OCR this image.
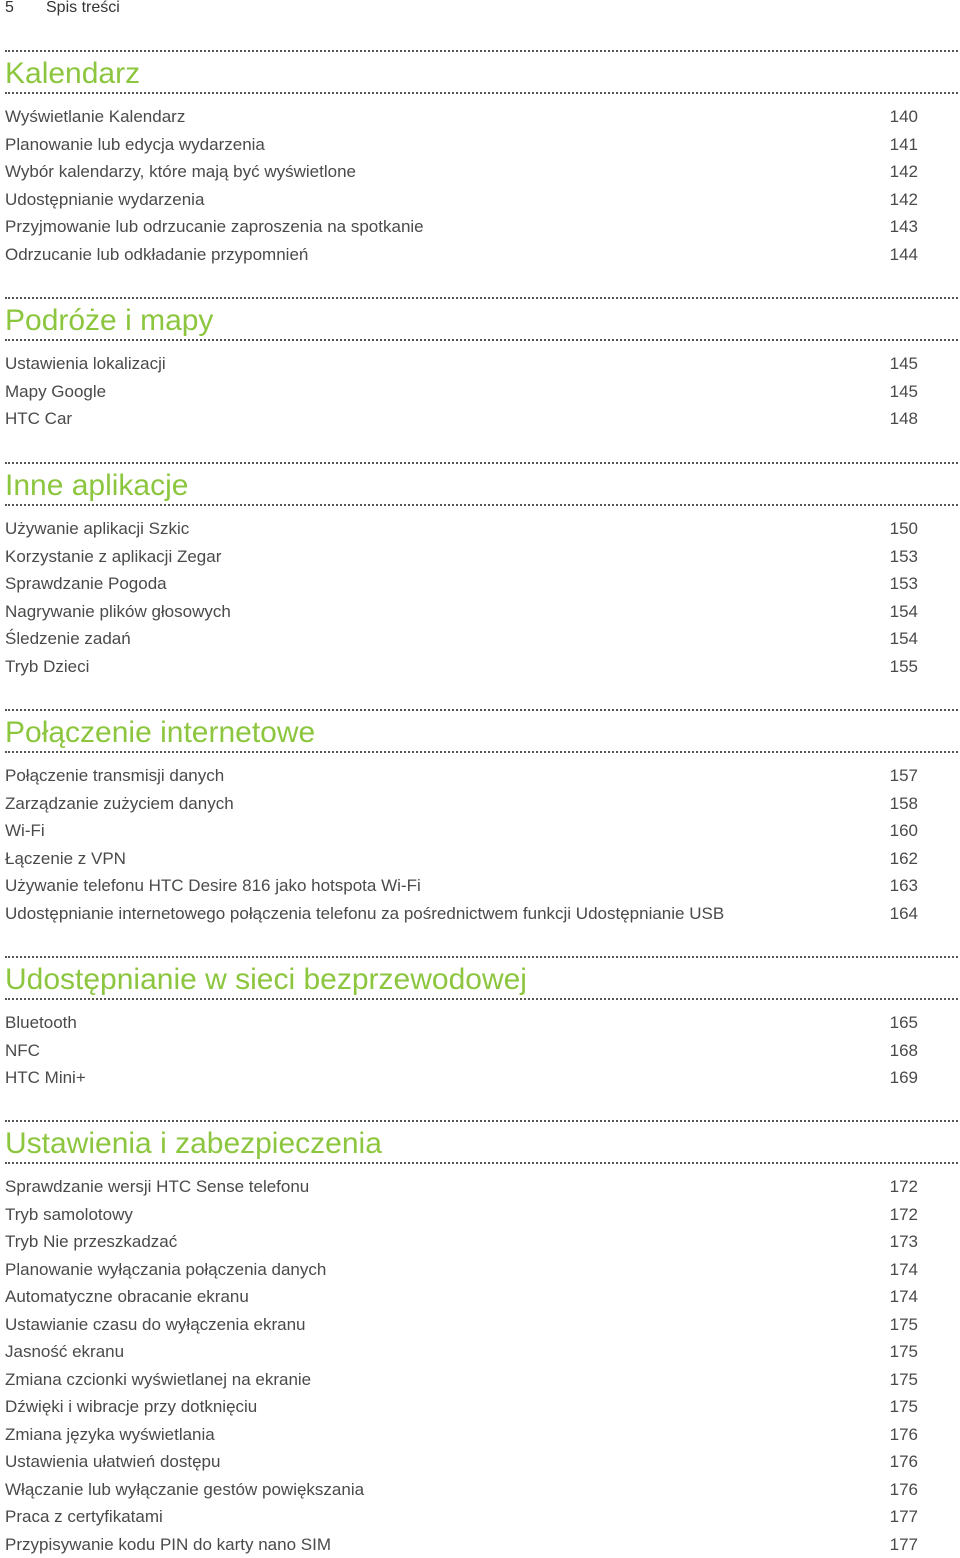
5 Spis treści
Kalendarz
Wyświetlanie Kalendarz	140
Planowanie lub edycja wydarzenia	141
Wybór kalendarzy, które mają być wyświetlone	142
Udostępnianie wydarzenia	142
Przyjmowanie lub odrzucanie zaproszenia na spotkanie	143
Odrzucanie lub odkładanie przypomnień	144
Podróże i mapy
Ustawienia lokalizacji	145
Mapy Google	145
HTC Car	148
Inne aplikacje
Używanie aplikacji Szkic	150
Korzystanie z aplikacji Zegar	153
Sprawdzanie Pogoda	153
Nagrywanie plików głosowych	154
Śledzenie zadań	154
Tryb Dzieci	155
Połączenie internetowe
Połączenie transmisji danych	157
Zarządzanie zużyciem danych	158
Wi-Fi	160
Łączenie z VPN	162
Używanie telefonu HTC Desire 816 jako hotspota Wi-Fi	163
Udostępnianie internetowego połączenia telefonu za pośrednictwem funkcji Udostępnianie USB	164
Udostępnianie w sieci bezprzewodowej
Bluetooth	165
NFC	168
HTC Mini+	169
Ustawienia i zabezpieczenia
Sprawdzanie wersji HTC Sense telefonu	172
Tryb samolotowy	172
Tryb Nie przeszkadzać	173
Planowanie wyłączania połączenia danych	174
Automatyczne obracanie ekranu	174
Ustawianie czasu do wyłączenia ekranu	175
Jasność ekranu	175
Zmiana czcionki wyświetlanej na ekranie	175
Dźwięki i wibracje przy dotknięciu	175
Zmiana języka wyświetlania	176
Ustawienia ułatwień dostępu	176
Włączanie lub wyłączanie gestów powiększania	176
Praca z certyfikatami	177
Przypisywanie kodu PIN do karty nano SIM	177
